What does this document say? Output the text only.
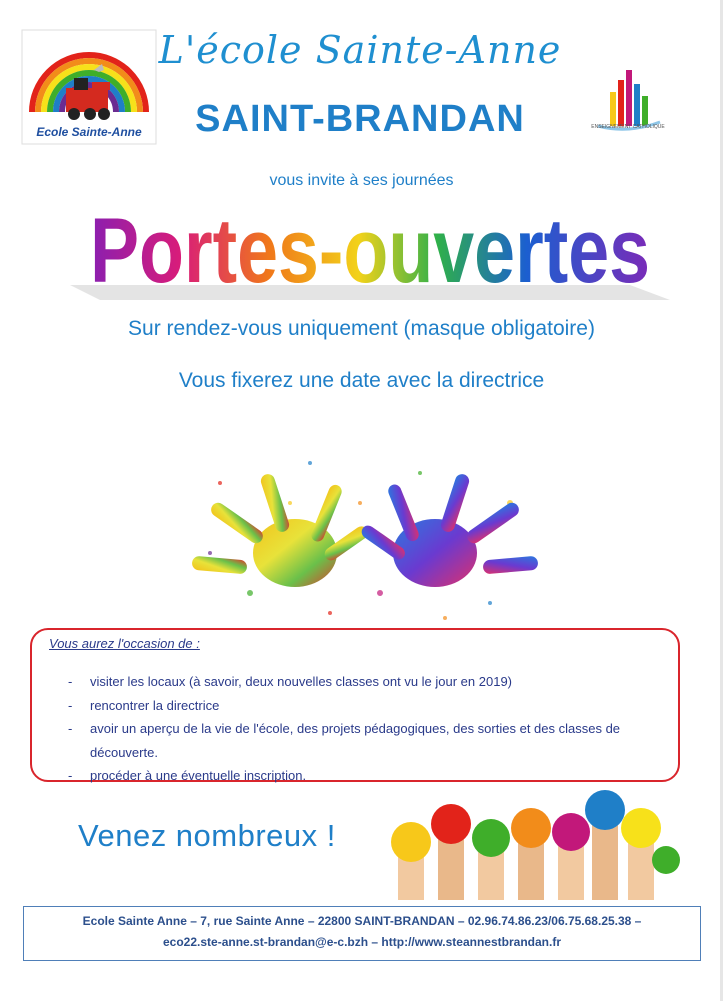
Ecole Sainte-Anne
L'école Sainte-Anne
SAINT-BRANDAN	ENSEIGNEMENT CATHOLIQUE
vous invite à ses journées
Portes-ouvertes
Sur rendez-vous uniquement (masque obligatoire)
Vous fixerez une date avec la directrice
Vous aurez l'occasion de :
- visiter les locaux (à savoir, deux nouvelles classes ont vu le jour en 2019)
- rencontrer la directrice
- avoir un aperçu de la vie de l'école, des projets pédagogiques, des sorties et des classes de découverte.
- procéder à une éventuelle inscription.
Venez nombreux !
Ecole Sainte Anne – 7, rue Sainte Anne – 22800 SAINT-BRANDAN – 02.96.74.86.23/06.75.68.25.38 –
eco22.ste-anne.st-brandan@e-c.bzh – http://www.steannestbrandan.fr
